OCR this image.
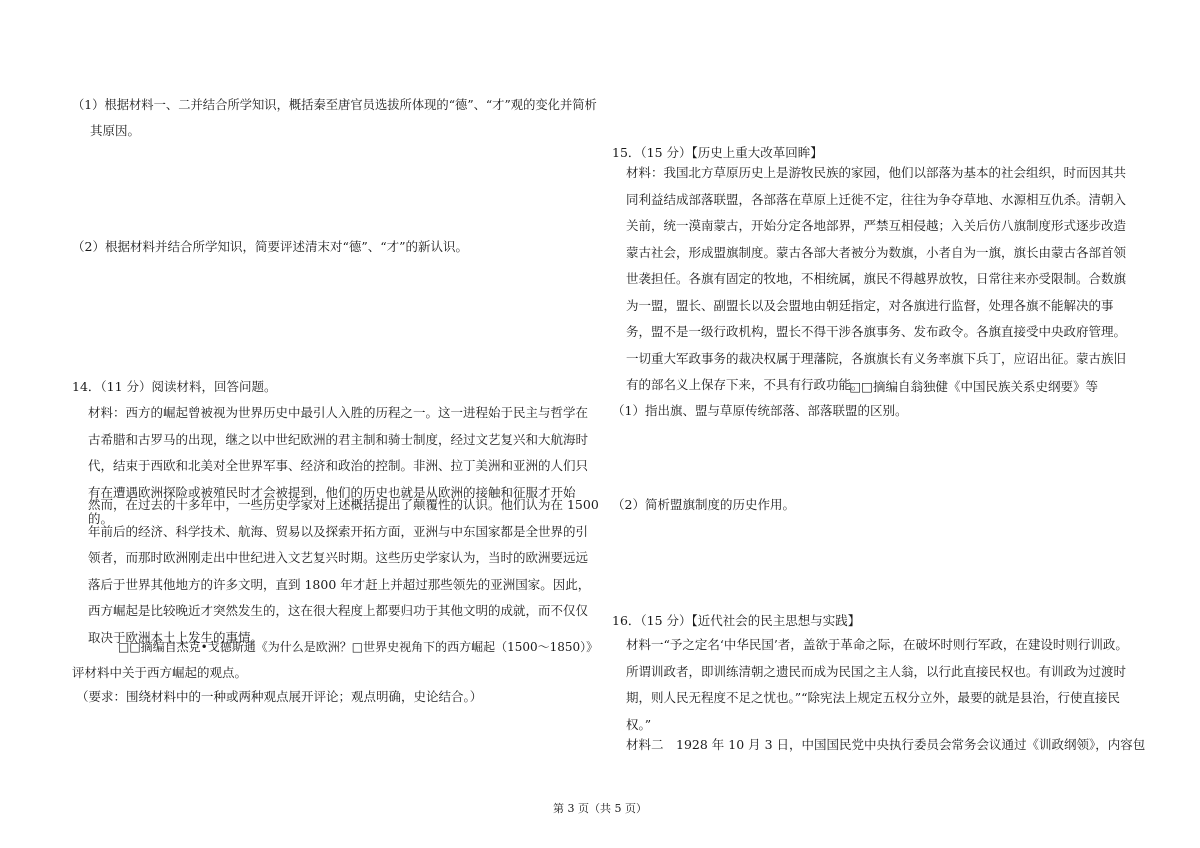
（1）根据材料一、二并结合所学知识，概括秦至唐官员选拔所体现的“德”、“才”观的变化并简析
其原因。
（2）根据材料并结合所学知识，简要评述清末对“德”、“才”的新认识。
14．（11 分）阅读材料，回答问题。
材料：西方的崛起曾被视为世界历史中最引人入胜的历程之一。这一进程始于民主与哲学在古希腊和古罗马的出现，继之以中世纪欧洲的君主制和骑士制度，经过文艺复兴和大航海时代，结束于西欧和北美对全世界军事、经济和政治的控制。非洲、拉丁美洲和亚洲的人们只有在遭遇欧洲探险或被殖民时才会被提到，他们的历史也就是从欧洲的接触和征服才开始的。
然而，在过去的十多年中，一些历史学家对上述概括提出了颠覆性的认识。他们认为在 1500 年前后的经济、科学技术、航海、贸易以及探索开拓方面，亚洲与中东国家都是全世界的引领者，而那时欧洲刚走出中世纪进入文艺复兴时期。这些历史学家认为，当时的欧洲要远远落后于世界其他地方的许多文明，直到 1800 年才赶上并超过那些领先的亚洲国家。因此，西方崛起是比较晚近才突然发生的，这在很大程度上都要归功于其他文明的成就，而不仅仅取决于欧洲本土上发生的事情。
□□摘编自杰克•戈德斯通《为什么是欧洲？□世界史视角下的西方崛起（1500～1850）》
评材料中关于西方崛起的观点。
（要求：围绕材料中的一种或两种观点展开评论；观点明确，史论结合。）
15．（15 分）【历史上重大改革回眸】
材料：我国北方草原历史上是游牧民族的家园，他们以部落为基本的社会组织，时而因其共同利益结成部落联盟，各部落在草原上迁徙不定，往往为争夺草地、水源相互仇杀。清朝入关前，统一漠南蒙古，开始分定各地部界，严禁互相侵越；入关后仿八旗制度形式逐步改造蒙古社会，形成盟旗制度。蒙古各部大者被分为数旗，小者自为一旗，旗长由蒙古各部首领世袭担任。各旗有固定的牧地，不相统属，旗民不得越界放牧，日常往来亦受限制。合数旗为一盟，盟长、副盟长以及会盟地由朝廷指定，对各旗进行监督，处理各旗不能解决的事务，盟不是一级行政机构，盟长不得干涉各旗事务、发布政令。各旗直接受中央政府管理。一切重大军政事务的裁决权属于理藩院，各旗旗长有义务率旗下兵丁，应诏出征。蒙古族旧有的部名义上保存下来，不具有行政功能。
□□摘编自翁独健《中国民族关系史纲要》等
（1）指出旗、盟与草原传统部落、部落联盟的区别。
（2）简析盟旗制度的历史作用。
16．（15 分）【近代社会的民主思想与实践】
材料一“予之定名‘中华民国’者，盖欲于革命之际，在破坏时则行军政，在建设时则行训政。所谓训政者，即训练清朝之遗民而成为民国之主人翁，以行此直接民权也。有训政为过渡时期，则人民无程度不足之忧也。”“除宪法上规定五权分立外，最要的就是县治，行使直接民权。”
材料二　1928 年 10 月 3 日，中国国民党中央执行委员会常务会议通过《训政纲领》，内容包
第 3 页（共 5 页）
